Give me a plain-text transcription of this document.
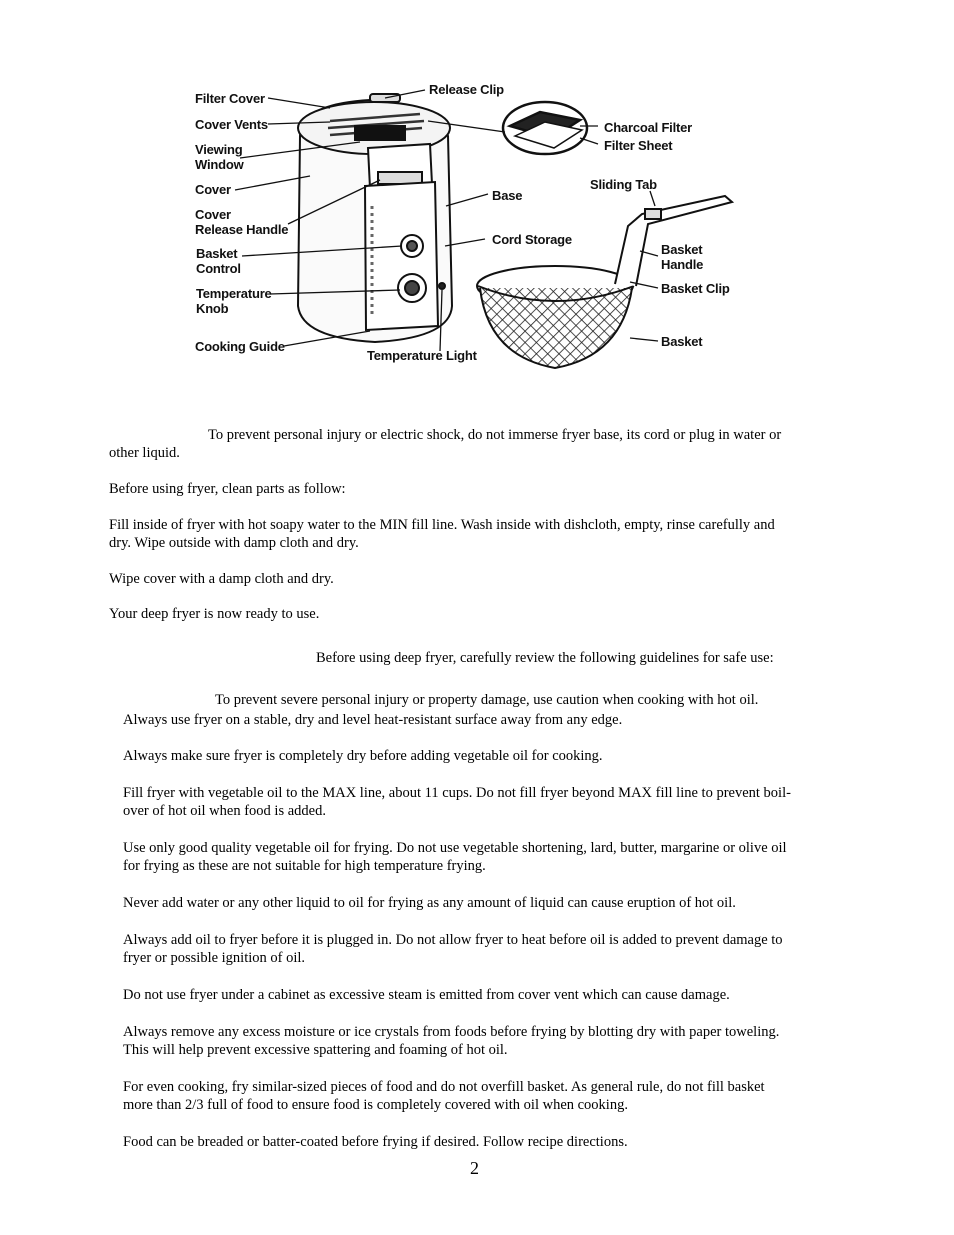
Filter Cover
Release Clip
Cover Vents	Charcoal Filter
Filter Sheet
Viewing
Window
Cover	Base
Sliding Tab
Cover
Release Handle
Cord Storage
Basket
Control
Basket
Handle
Temperature
Knob
Basket Clip
Cooking Guide	Basket
Temperature Light
To prevent personal injury or electric shock, do not immerse fryer base, its cord or plug in water or
other liquid.
Before using fryer, clean parts as follow:
Fill inside of fryer with hot soapy water to the MIN fill line. Wash inside with dishcloth, empty, rinse carefully and
dry. Wipe outside with damp cloth and dry.
Wipe cover with a damp cloth and dry.
Your deep fryer is now ready to use.
Before using deep fryer, carefully review the following guidelines for safe use:
To prevent severe personal injury or property damage, use caution when cooking with hot oil.
Always use fryer on a stable, dry and level heat-resistant surface away from any edge.
Always make sure fryer is completely dry before adding vegetable oil for cooking.
Fill fryer with vegetable oil to the MAX line, about 11 cups. Do not fill fryer beyond MAX fill line to prevent boil-
over of hot oil when food is added.
Use only good quality vegetable oil for frying. Do not use vegetable shortening, lard, butter, margarine or olive oil
for frying as these are not suitable for high temperature frying.
Never add water or any other liquid to oil for frying as any amount of liquid can cause eruption of hot oil.
Always add oil to fryer before it is plugged in. Do not allow fryer to heat before oil is added to prevent damage to
fryer or possible ignition of oil.
Do not use fryer under a cabinet as excessive steam is emitted from cover vent which can cause damage.
Always remove any excess moisture or ice crystals from foods before frying by blotting dry with paper toweling.
This will help prevent excessive spattering and foaming of hot oil.
For even cooking, fry similar-sized pieces of food and do not overfill basket. As general rule, do not fill basket
more than 2/3 full of food to ensure food is completely covered with oil when cooking.
Food can be breaded or batter-coated before frying if desired. Follow recipe directions.
2
